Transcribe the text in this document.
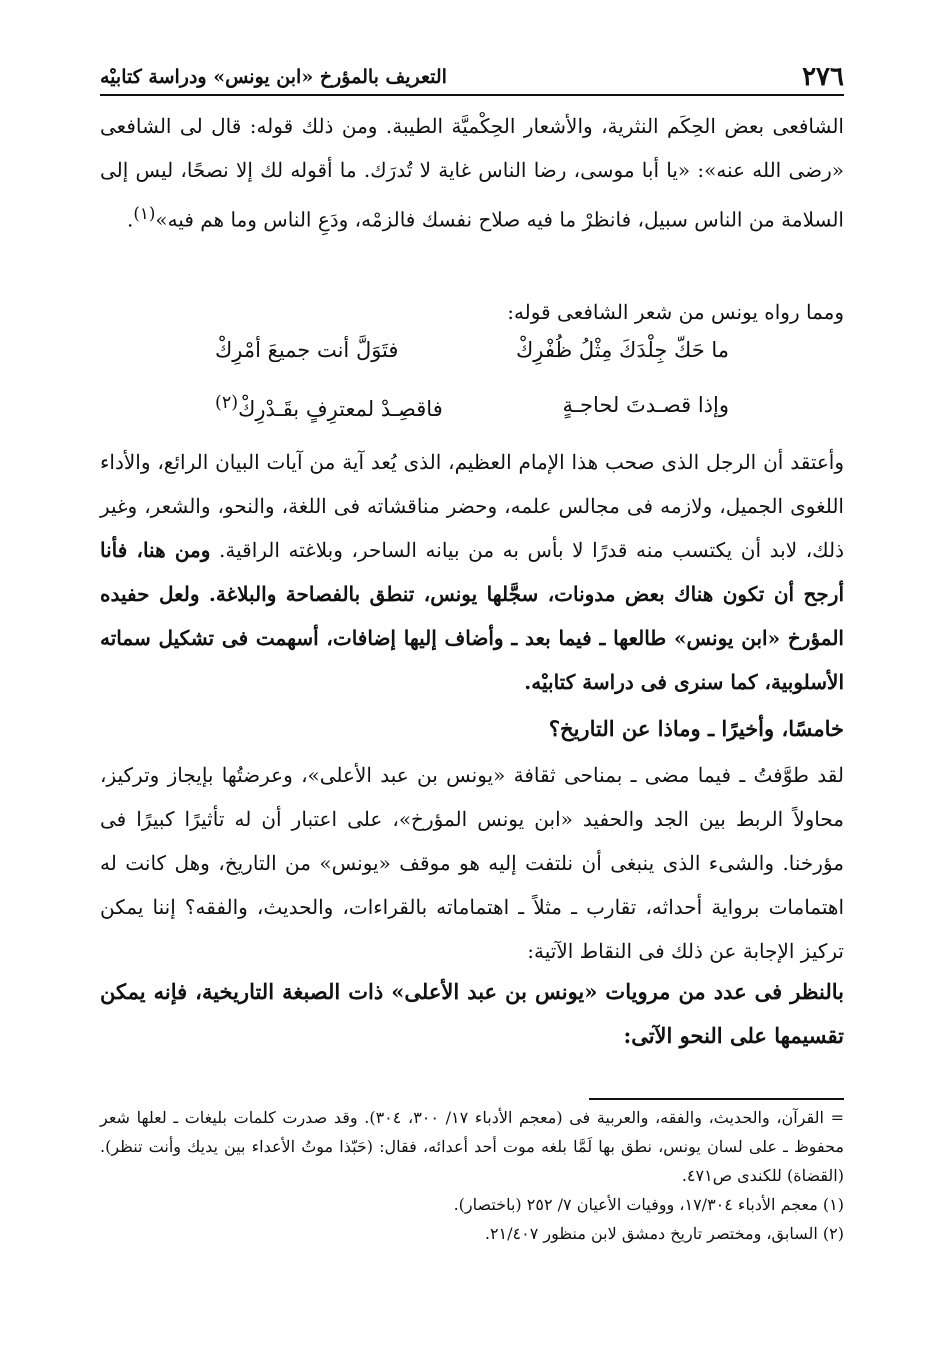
٢٧٦
التعريف بالمؤرخ «ابن يونس» ودراسة كتابيْه

الشافعى بعض الحِكَم النثرية، والأشعار الحِكْميَّة الطيبة. ومن ذلك قوله: قال لى الشافعى «رضى الله عنه»: «يا أبا موسى، رضا الناس غاية لا تُدرَك. ما أقوله لك إلا نصحًا، ليس إلى السلامة من الناس سبيل، فانظرْ ما فيه صلاح نفسك فالزمْه، ودَعِ الناس وما هم فيه»$^{(١)}$.

ومما رواه يونس من شعر الشافعى قوله:

ما حَكّ جِلْدَكَ مِثْلُ ظُفْرِكْ
فتَوَلَّ أنت جميعَ أمْرِكْ
وإذا قصـدتَ لحاجـةٍ
فاقصِـدْ لمعترِفٍ بقَـدْرِكْ$^{(٢)}$

وأعتقد أن الرجل الذى صحب هذا الإمام العظيم، الذى يُعد آية من آيات البيان الرائع، والأداء اللغوى الجميل، ولازمه فى مجالس علمه، وحضر مناقشاته فى اللغة، والنحو، والشعر، وغير ذلك، لابد أن يكتسب منه قدرًا لا بأس به من بيانه الساحر، وبلاغته الراقية. ومن هنا، فأنا أرجح أن تكون هناك بعض مدونات، سجَّلها يونس، تنطق بالفصاحة والبلاغة. ولعل حفيده المؤرخ «ابن يونس» طالعها ـ فيما بعد ـ وأضاف إليها إضافات، أسهمت فى تشكيل سماته الأسلوبية، كما سنرى فى دراسة كتابيْه.

خامسًا، وأخيرًا ـ وماذا عن التاريخ؟

لقد طوَّفتُ ـ فيما مضى ـ بمناحى ثقافة «يونس بن عبد الأعلى»، وعرضتُها بإيجاز وتركيز، محاولاً الربط بين الجد والحفيد «ابن يونس المؤرخ»، على اعتبار أن له تأثيرًا كبيرًا فى مؤرخنا. والشىء الذى ينبغى أن نلتفت إليه هو موقف «يونس» من التاريخ، وهل كانت له اهتمامات برواية أحداثه، تقارب ـ مثلاً ـ اهتماماته بالقراءات، والحديث، والفقه؟ إننا يمكن تركيز الإجابة عن ذلك فى النقاط الآتية:

بالنظر فى عدد من مرويات «يونس بن عبد الأعلى» ذات الصبغة التاريخية، فإنه يمكن تقسيمها على النحو الآتى:

= القرآن، والحديث، والفقه، والعربية فى (معجم الأدباء ١٧/ ٣٠٠، ٣٠٤). وقد صدرت كلمات بليغات ـ لعلها شعر محفوظ ـ على لسان يونس، نطق بها لَمَّا بلغه موت أحد أعدائه، فقال: (حَبّذا موتُ الأعداء بين يديك وأنت تنظر). (القضاة) للكندى ص٤٧١.

(١) معجم الأدباء ١٧/٣٠٤، ووفيات الأعيان ٧/ ٢٥٢ (باختصار).

(٢) السابق، ومختصر تاريخ دمشق لابن منظور ٢١/٤٠٧.
